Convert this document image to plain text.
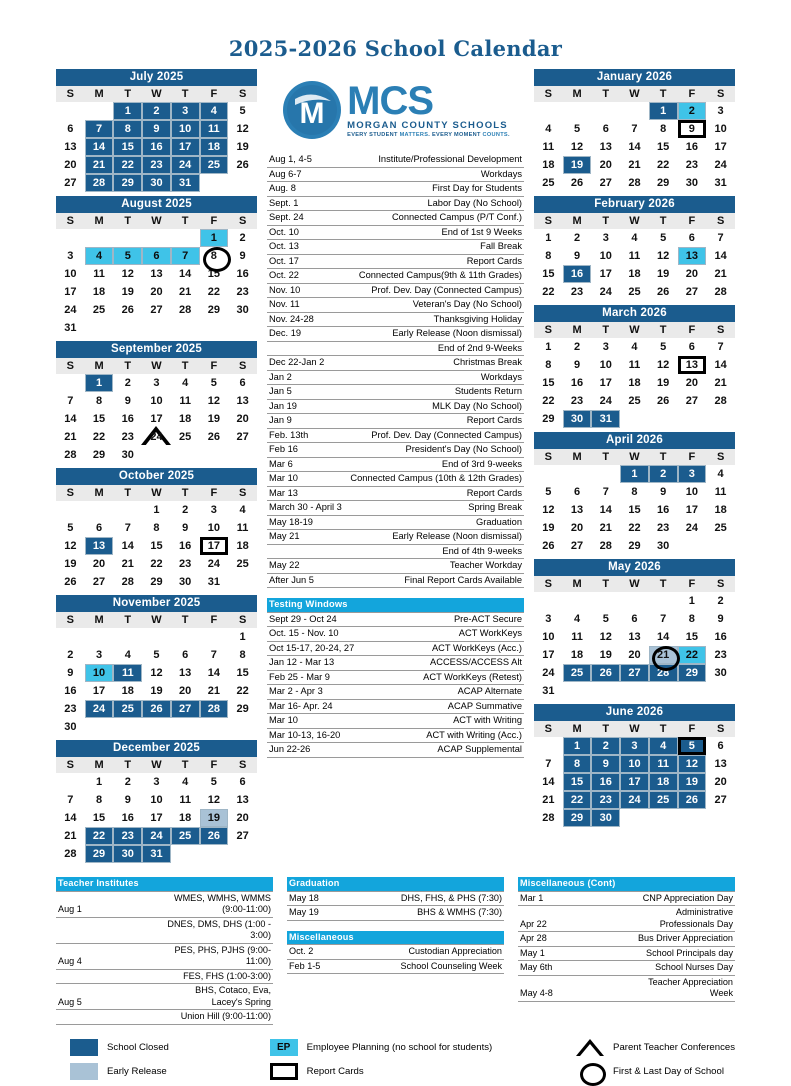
2025-2026 School Calendar
July 2025
S	M	T	W	T	F	S

		1	2	3	4	5

6	7	8	9	10	11	12

13	14	15	16	17	18	19

20	21	22	23	24	25	26

27	28	29	30	31		

August 2025
S	M	T	W	T	F	S

					1	2

3	4	5	6	7	8	9

10	11	12	13	14	15	16

17	18	19	20	21	22	23

24	25	26	27	28	29	30

31						

September 2025
S	M	T	W	T	F	S

	1	2	3	4	5	6

7	8	9	10	11	12	13

14	15	16	17	18	19	20

21	22	23	24	25	26	27

28	29	30				

October 2025
S	M	T	W	T	F	S

			1	2	3	4

5	6	7	8	9	10	11

12	13	14	15	16	17	18

19	20	21	22	23	24	25

26	27	28	29	30	31	

November 2025
S	M	T	W	T	F	S

						1

2	3	4	5	6	7	8

9	10	11	12	13	14	15

16	17	18	19	20	21	22

23	24	25	26	27	28	29

30						

December 2025
S	M	T	W	T	F	S

	1	2	3	4	5	6

7	8	9	10	11	12	13

14	15	16	17	18	19	20

21	22	23	24	25	26	27

28	29	30	31			

M MCS
MORGAN COUNTY SCHOOLS
EVERY STUDENT MATTERS. EVERY MOMENT COUNTS.
Aug 1, 4-5	Institute/Professional Development
Aug 6-7	Workdays
Aug. 8	First Day for Students
Sept. 1	Labor Day (No School)
Sept. 24	Connected Campus (P/T Conf.)
Oct. 10	End of 1st 9 Weeks
Oct. 13	Fall Break
Oct. 17	Report Cards
Oct. 22	Connected Campus(9th & 11th Grades)
Nov. 10	Prof. Dev. Day (Connected Campus)
Nov. 11	Veteran's Day (No School)
Nov. 24-28	Thanksgiving Holiday
Dec. 19	Early Release (Noon dismissal)
	End of 2nd 9-Weeks
Dec 22-Jan 2	Christmas Break
Jan 2	Workdays
Jan 5	Students Return
Jan 19	MLK Day (No School)
Jan 9	Report Cards
Feb. 13th	Prof. Dev. Day (Connected Campus)
Feb 16	President's Day (No School)
Mar 6	End of 3rd 9-weeks
Mar 10	Connected Campus (10th & 12th Grades)
Mar 13	Report Cards
March 30 - April 3	Spring Break
May 18-19	Graduation
May 21	Early Release (Noon dismissal)
	End of 4th 9-weeks
May 22	Teacher Workday
After Jun 5	Final Report Cards Available
Testing Windows	
Sept 29 - Oct 24	Pre-ACT Secure
Oct. 15 - Nov. 10	ACT WorkKeys
Oct 15-17, 20-24, 27	ACT WorkKeys (Acc.)
Jan 12 - Mar 13	ACCESS/ACCESS Alt
Feb 25 - Mar 9	ACT WorkKeys (Retest)
Mar 2 - Apr 3	ACAP Alternate
Mar 16- Apr. 24	ACAP Summative
Mar 10	ACT with Writing
Mar 10-13, 16-20	ACT with Writing (Acc.)
Jun 22-26	ACAP Supplemental
January 2026
S	M	T	W	T	F	S

				1	2	3

4	5	6	7	8	9	10

11	12	13	14	15	16	17

18	19	20	21	22	23	24

25	26	27	28	29	30	31
February 2026
S	M	T	W	T	F	S

1	2	3	4	5	6	7

8	9	10	11	12	13	14

15	16	17	18	19	20	21

22	23	24	25	26	27	28
March 2026
S	M	T	W	T	F	S

1	2	3	4	5	6	7

8	9	10	11	12	13	14

15	16	17	18	19	20	21

22	23	24	25	26	27	28

29	30	31				

April 2026
S	M	T	W	T	F	S

			1	2	3	4

5	6	7	8	9	10	11

12	13	14	15	16	17	18

19	20	21	22	23	24	25

26	27	28	29	30		

May 2026
S	M	T	W	T	F	S

					1	2

3	4	5	6	7	8	9

10	11	12	13	14	15	16

17	18	19	20	21	22	23

24	25	26	27	28	29	30

31						

June 2026
S	M	T	W	T	F	S

	1	2	3	4	5	6

7	8	9	10	11	12	13

14	15	16	17	18	19	20

21	22	23	24	25	26	27

28	29	30				

Teacher Institutes	
Aug 1	WMES, WMHS, WMMS (9:00-11:00)
	DNES, DMS, DHS (1:00 - 3:00)
Aug 4	PES, PHS, PJHS (9:00-11:00)
	FES, FHS (1:00-3:00)
Aug 5	BHS, Cotaco, Eva, Lacey's Spring
	Union Hill (9:00-11:00)
Graduation	
May 18	DHS, FHS, & PHS (7:30)
May 19	BHS & WMHS (7:30)
Miscellaneous	
Oct. 2	Custodian Appreciation
Feb 1-5	School Counseling Week
Miscellaneous (Cont)	
Mar 1	CNP Appreciation Day
Apr 22	Administrative Professionals Day
Apr 28	Bus Driver Appreciation
May 1	School Principals day
May 6th	School Nurses Day
May 4-8	Teacher Appreciation Week
School Closed
Early Release
EP	Employee Planning (no school for students)
Report Cards
Parent Teacher Conferences
First & Last Day of School
